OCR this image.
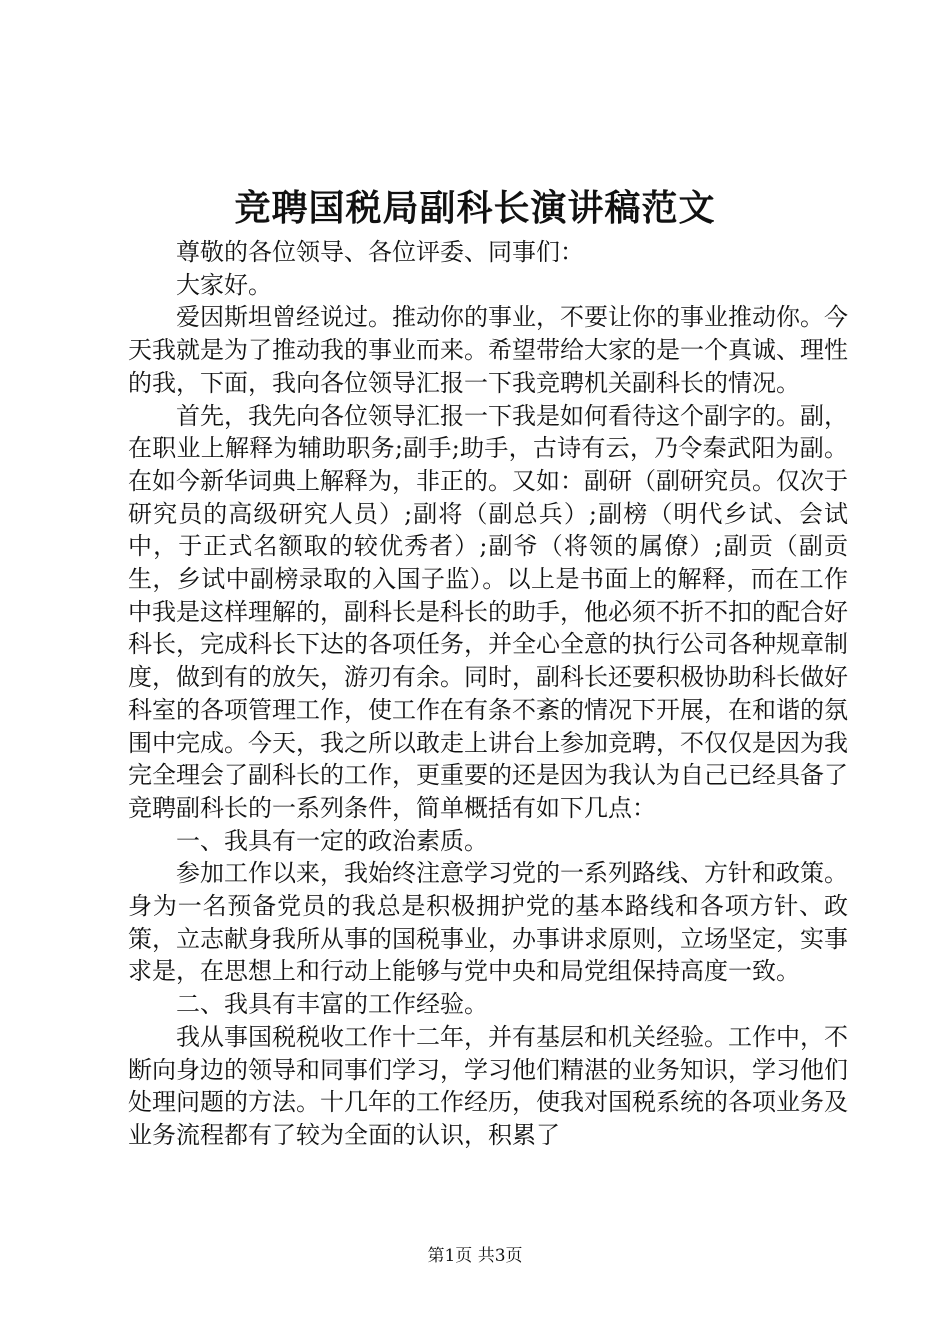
竞聘国税局副科长演讲稿范文

尊敬的各位领导、各位评委、同事们：

大家好。

爱因斯坦曾经说过。推动你的事业，不要让你的事业推动你。今天我就是为了推动我的事业而来。希望带给大家的是一个真诚、理性的我，下面，我向各位领导汇报一下我竞聘机关副科长的情况。

首先，我先向各位领导汇报一下我是如何看待这个副字的。副，在职业上解释为辅助职务;副手;助手，古诗有云，乃令秦武阳为副。在如今新华词典上解释为，非正的。又如：副研（副研究员。仅次于研究员的高级研究人员）;副将（副总兵）;副榜（明代乡试、会试中，于正式名额取的较优秀者）;副爷（将领的属僚）;副贡（副贡生，乡试中副榜录取的入国子监）。以上是书面上的解释，而在工作中我是这样理解的，副科长是科长的助手，他必须不折不扣的配合好科长，完成科长下达的各项任务，并全心全意的执行公司各种规章制度，做到有的放矢，游刃有余。同时，副科长还要积极协助科长做好科室的各项管理工作，使工作在有条不紊的情况下开展，在和谐的氛围中完成。今天，我之所以敢走上讲台上参加竞聘，不仅仅是因为我完全理会了副科长的工作，更重要的还是因为我认为自己已经具备了竞聘副科长的一系列条件，简单概括有如下几点：

一、我具有一定的政治素质。

参加工作以来，我始终注意学习党的一系列路线、方针和政策。身为一名预备党员的我总是积极拥护党的基本路线和各项方针、政策，立志献身我所从事的国税事业，办事讲求原则，立场坚定，实事求是，在思想上和行动上能够与党中央和局党组保持高度一致。

二、我具有丰富的工作经验。

我从事国税税收工作十二年，并有基层和机关经验。工作中，不断向身边的领导和同事们学习，学习他们精湛的业务知识，学习他们处理问题的方法。十几年的工作经历，使我对国税系统的各项业务及业务流程都有了较为全面的认识，积累了

第1页 共3页
